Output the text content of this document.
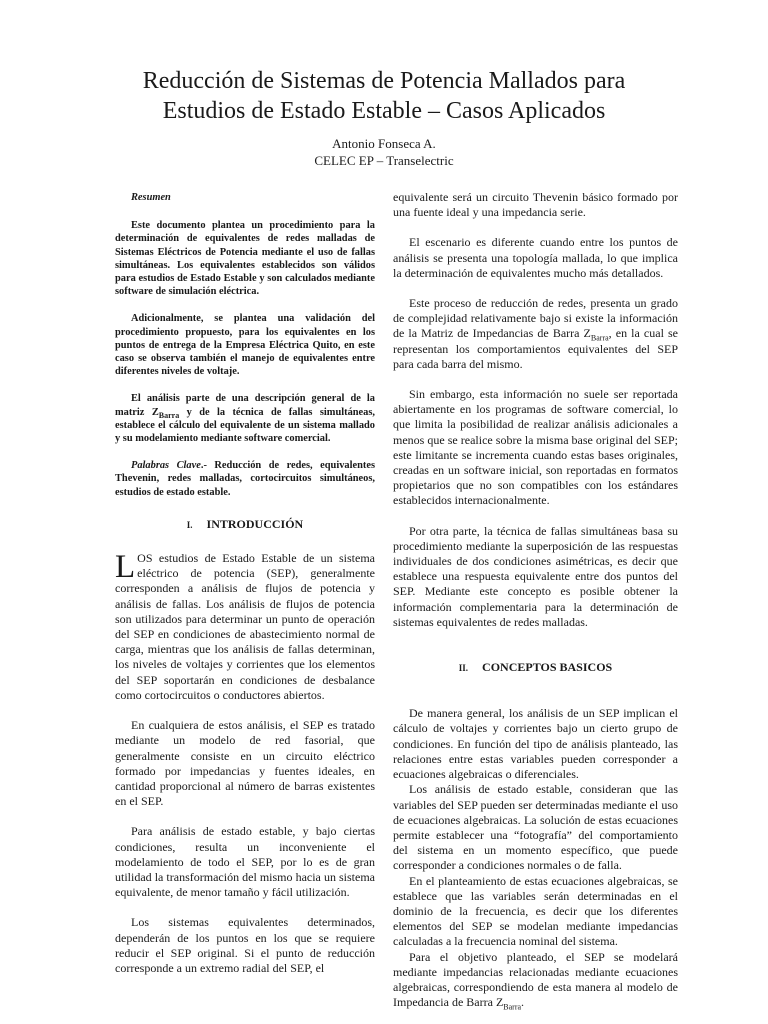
Reducción de Sistemas de Potencia Mallados para
Estudios de Estado Estable – Casos Aplicados
Antonio Fonseca A.
CELEC EP – Transelectric

Resumen

Este documento plantea un procedimiento para la determinación de equivalentes de redes malladas de Sistemas Eléctricos de Potencia mediante el uso de fallas simultáneas. Los equivalentes establecidos son válidos para estudios de Estado Estable y son calculados mediante software de simulación eléctrica.

Adicionalmente, se plantea una validación del procedimiento propuesto, para los equivalentes en los puntos de entrega de la Empresa Eléctrica Quito, en este caso se observa también el manejo de equivalentes entre diferentes niveles de voltaje.

El análisis parte de una descripción general de la matriz $Z_{Barra}$ y de la técnica de fallas simultáneas, establece el cálculo del equivalente de un sistema mallado y su modelamiento mediante software comercial.

Palabras Clave.- Reducción de redes, equivalentes Thevenin, redes malladas, cortocircuitos simultáneos, estudios de estado estable.

I. INTRODUCCIÓN

LOS estudios de Estado Estable de un sistema eléctrico de potencia (SEP), generalmente corresponden a análisis de flujos de potencia y análisis de fallas. Los análisis de flujos de potencia son utilizados para determinar un punto de operación del SEP en condiciones de abastecimiento normal de carga, mientras que los análisis de fallas determinan, los niveles de voltajes y corrientes que los elementos del SEP soportarán en condiciones de desbalance como cortocircuitos o conductores abiertos.

En cualquiera de estos análisis, el SEP es tratado mediante un modelo de red fasorial, que generalmente consiste en un circuito eléctrico formado por impedancias y fuentes ideales, en cantidad proporcional al número de barras existentes en el SEP.

Para análisis de estado estable, y bajo ciertas condiciones, resulta un inconveniente el modelamiento de todo el SEP, por lo es de gran utilidad la transformación del mismo hacia un sistema equivalente, de menor tamaño y fácil utilización.

Los sistemas equivalentes determinados, dependerán de los puntos en los que se requiere reducir el SEP original. Si el punto de reducción corresponde a un extremo radial del SEP, el

equivalente será un circuito Thevenin básico formado por una fuente ideal y una impedancia serie.

El escenario es diferente cuando entre los puntos de análisis se presenta una topología mallada, lo que implica la determinación de equivalentes mucho más detallados.

Este proceso de reducción de redes, presenta un grado de complejidad relativamente bajo si existe la información de la Matriz de Impedancias de Barra $Z_{Barra}$, en la cual se representan los comportamientos equivalentes del SEP para cada barra del mismo.

Sin embargo, esta información no suele ser reportada abiertamente en los programas de software comercial, lo que limita la posibilidad de realizar análisis adicionales a menos que se realice sobre la misma base original del SEP; este limitante se incrementa cuando estas bases originales, creadas en un software inicial, son reportadas en formatos propietarios que no son compatibles con los estándares establecidos internacionalmente.

Por otra parte, la técnica de fallas simultáneas basa su procedimiento mediante la superposición de las respuestas individuales de dos condiciones asimétricas, es decir que establece una respuesta equivalente entre dos puntos del SEP. Mediante este concepto es posible obtener la información complementaria para la determinación de sistemas equivalentes de redes malladas.

II. CONCEPTOS BASICOS

De manera general, los análisis de un SEP implican el cálculo de voltajes y corrientes bajo un cierto grupo de condiciones. En función del tipo de análisis planteado, las relaciones entre estas variables pueden corresponder a ecuaciones algebraicas o diferenciales.

Los análisis de estado estable, consideran que las variables del SEP pueden ser determinadas mediante el uso de ecuaciones algebraicas. La solución de estas ecuaciones permite establecer una “fotografía” del comportamiento del sistema en un momento específico, que puede corresponder a condiciones normales o de falla.

En el planteamiento de estas ecuaciones algebraicas, se establece que las variables serán determinadas en el dominio de la frecuencia, es decir que los diferentes elementos del SEP se modelan mediante impedancias calculadas a la frecuencia nominal del sistema.

Para el objetivo planteado, el SEP se modelará mediante impedancias relacionadas mediante ecuaciones algebraicas, correspondiendo de esta manera al modelo de Impedancia de Barra $Z_{Barra}$.
